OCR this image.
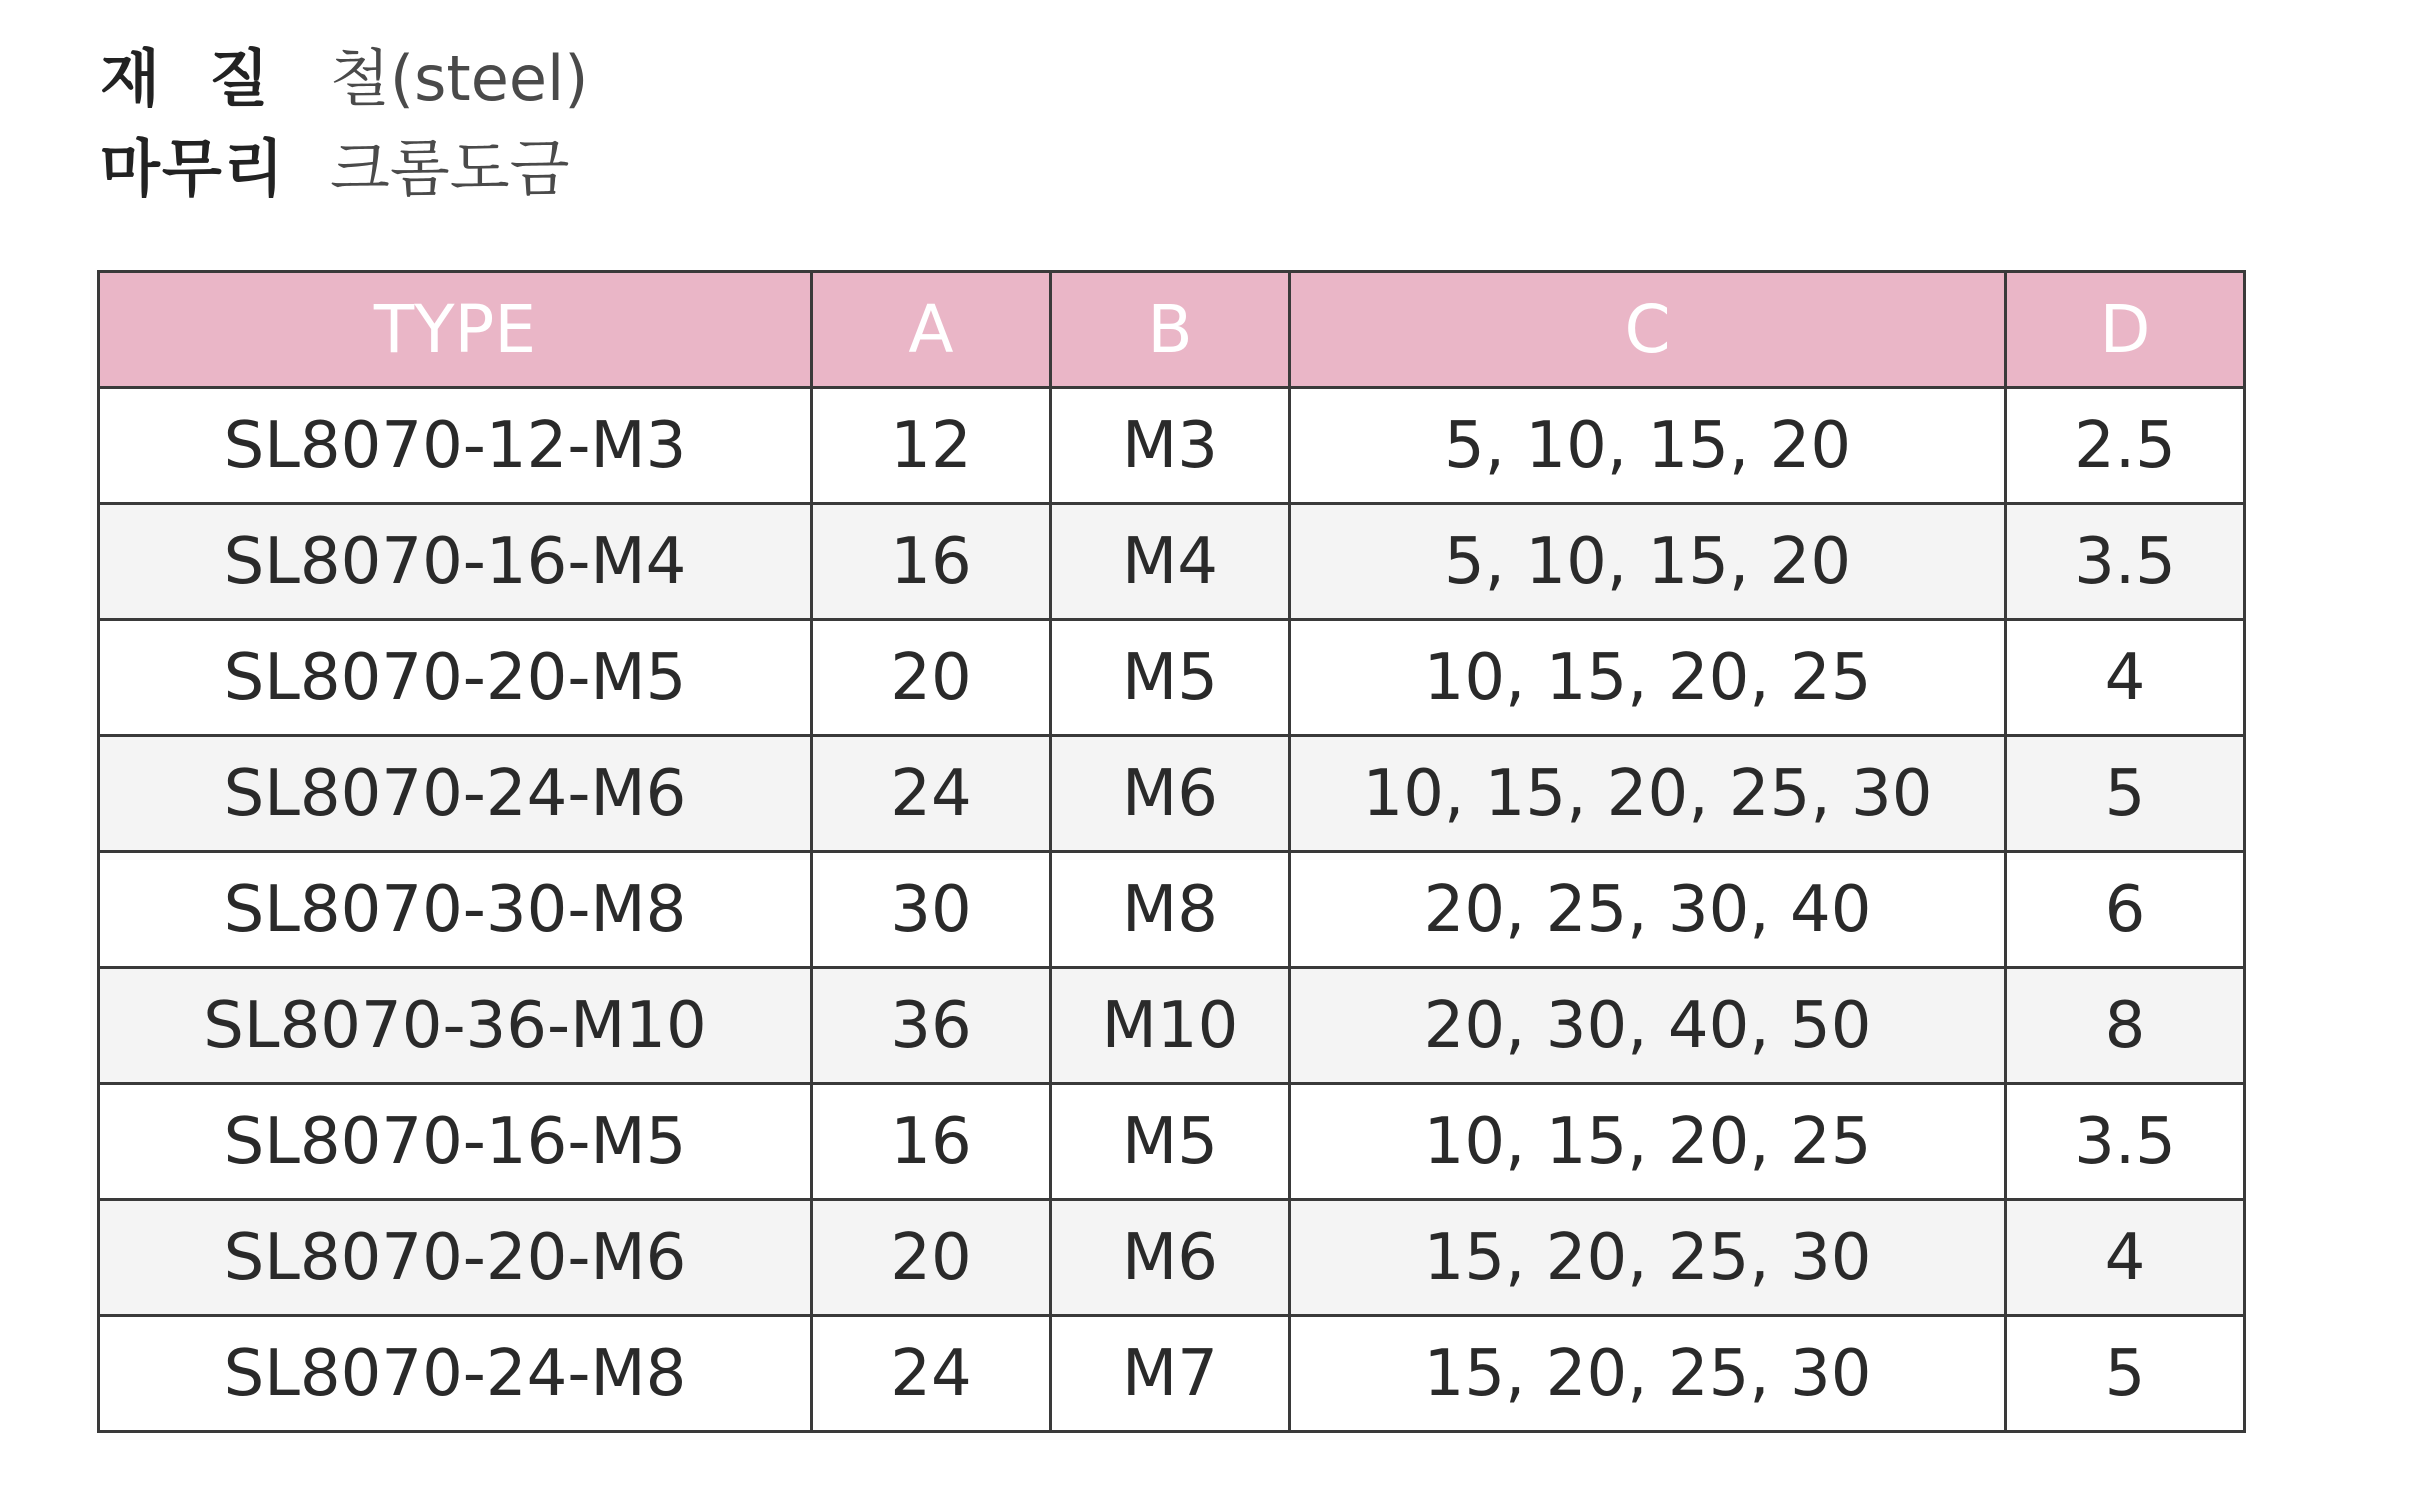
재  질 철(steel)
마무리 크롬도금
TYPE	A	B	C	D
SL8070-12-M3	12	M3	5, 10, 15, 20	2.5
SL8070-16-M4	16	M4	5, 10, 15, 20	3.5
SL8070-20-M5	20	M5	10, 15, 20, 25	4
SL8070-24-M6	24	M6	10, 15, 20, 25, 30	5
SL8070-30-M8	30	M8	20, 25, 30, 40	6
SL8070-36-M10	36	M10	20, 30, 40, 50	8
SL8070-16-M5	16	M5	10, 15, 20, 25	3.5
SL8070-20-M6	20	M6	15, 20, 25, 30	4
SL8070-24-M8	24	M7	15, 20, 25, 30	5
